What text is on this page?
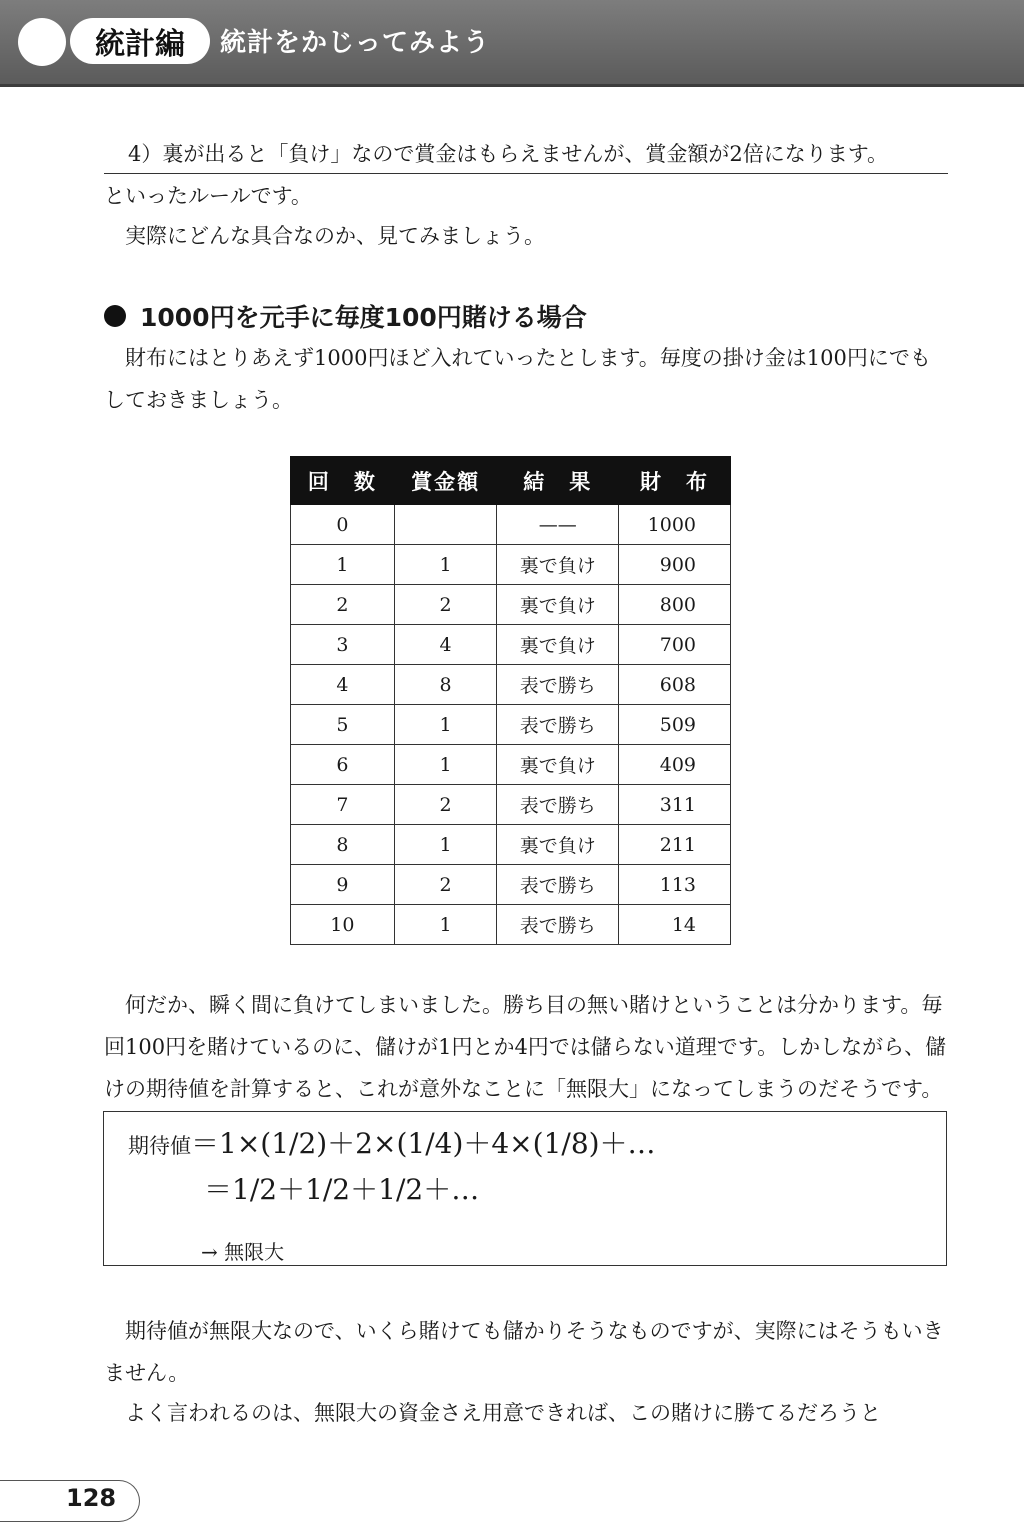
統計編	統計をかじってみよう

4）裏が出ると「負け」なので賞金はもらえませんが、賞金額が2倍になります。

といったルールです。

実際にどんな具合なのか、見てみましょう。

1000円を元手に毎度100円賭ける場合

財布にはとりあえず1000円ほど入れていったとします。毎度の掛け金は100円にでもしておきましょう。

回　数	賞金額	結　果	財　布
0		——	1000
1	1	裏で負け	900
2	2	裏で負け	800
3	4	裏で負け	700
4	8	表で勝ち	608
5	1	表で勝ち	509
6	1	裏で負け	409
7	2	表で勝ち	311
8	1	裏で負け	211
9	2	表で勝ち	113
10	1	表で勝ち	14

何だか、瞬く間に負けてしまいました。勝ち目の無い賭けということは分かります。毎回100円を賭けているのに、儲けが1円とか4円では儲らない道理です。しかしながら、儲けの期待値を計算すると、これが意外なことに「無限大」になってしまうのだそうです。

期待値＝1×(1/2)＋2×(1/4)＋4×(1/8)＋…
＝1/2＋1/2＋1/2＋…
→ 無限大

期待値が無限大なので、いくら賭けても儲かりそうなものですが、実際にはそうもいきません。

よく言われるのは、無限大の資金さえ用意できれば、この賭けに勝てるだろうと

128
